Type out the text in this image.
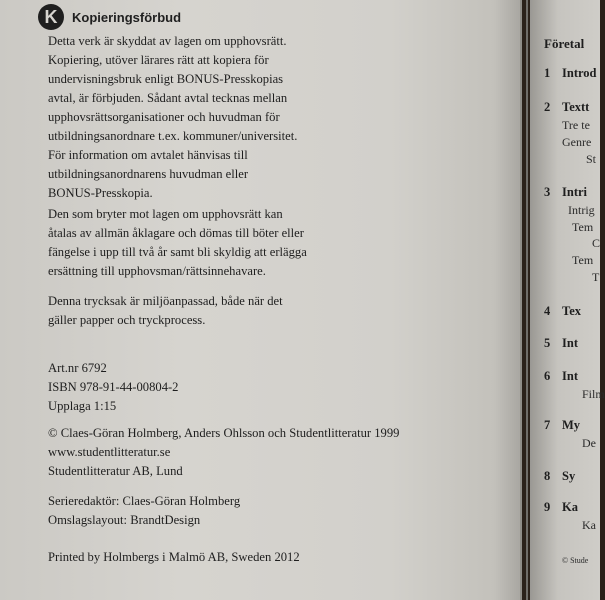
K	Kopieringsförbud
Detta verk är skyddat av lagen om upphovsrätt.
Kopiering, utöver lärares rätt att kopiera för
undervisningsbruk enligt BONUS-Presskopias
avtal, är förbjuden. Sådant avtal tecknas mellan
upphovsrättsorganisationer och huvudman för
utbildningsanordnare t.ex. kommuner/universitet.
För information om avtalet hänvisas till
utbildningsanordnarens huvudman eller
BONUS-Presskopia.
Den som bryter mot lagen om upphovsrätt kan
åtalas av allmän åklagare och dömas till böter eller
fängelse i upp till två år samt bli skyldig att erlägga
ersättning till upphovsman/rättsinnehavare.
Denna trycksak är miljöanpassad, både när det
gäller papper och tryckprocess.
Art.nr 6792
ISBN 978-91-44-00804-2
Upplaga 1:15
© Claes-Göran Holmberg, Anders Ohlsson och Studentlitteratur 1999
www.studentlitteratur.se
Studentlitteratur AB, Lund
Serieredaktör: Claes-Göran Holmberg
Omslagslayout: BrandtDesign
Printed by Holmbergs i Malmö AB, Sweden 2012
Företal
1 Introd
2 Textt
Tre te
Genre
St
3 Intri
Intrig
Tem
C
Tem
T
4 Tex
5 Int
6 Int
Film
7 My
De
8 Sy
9 Ka
Ka
© Stude
